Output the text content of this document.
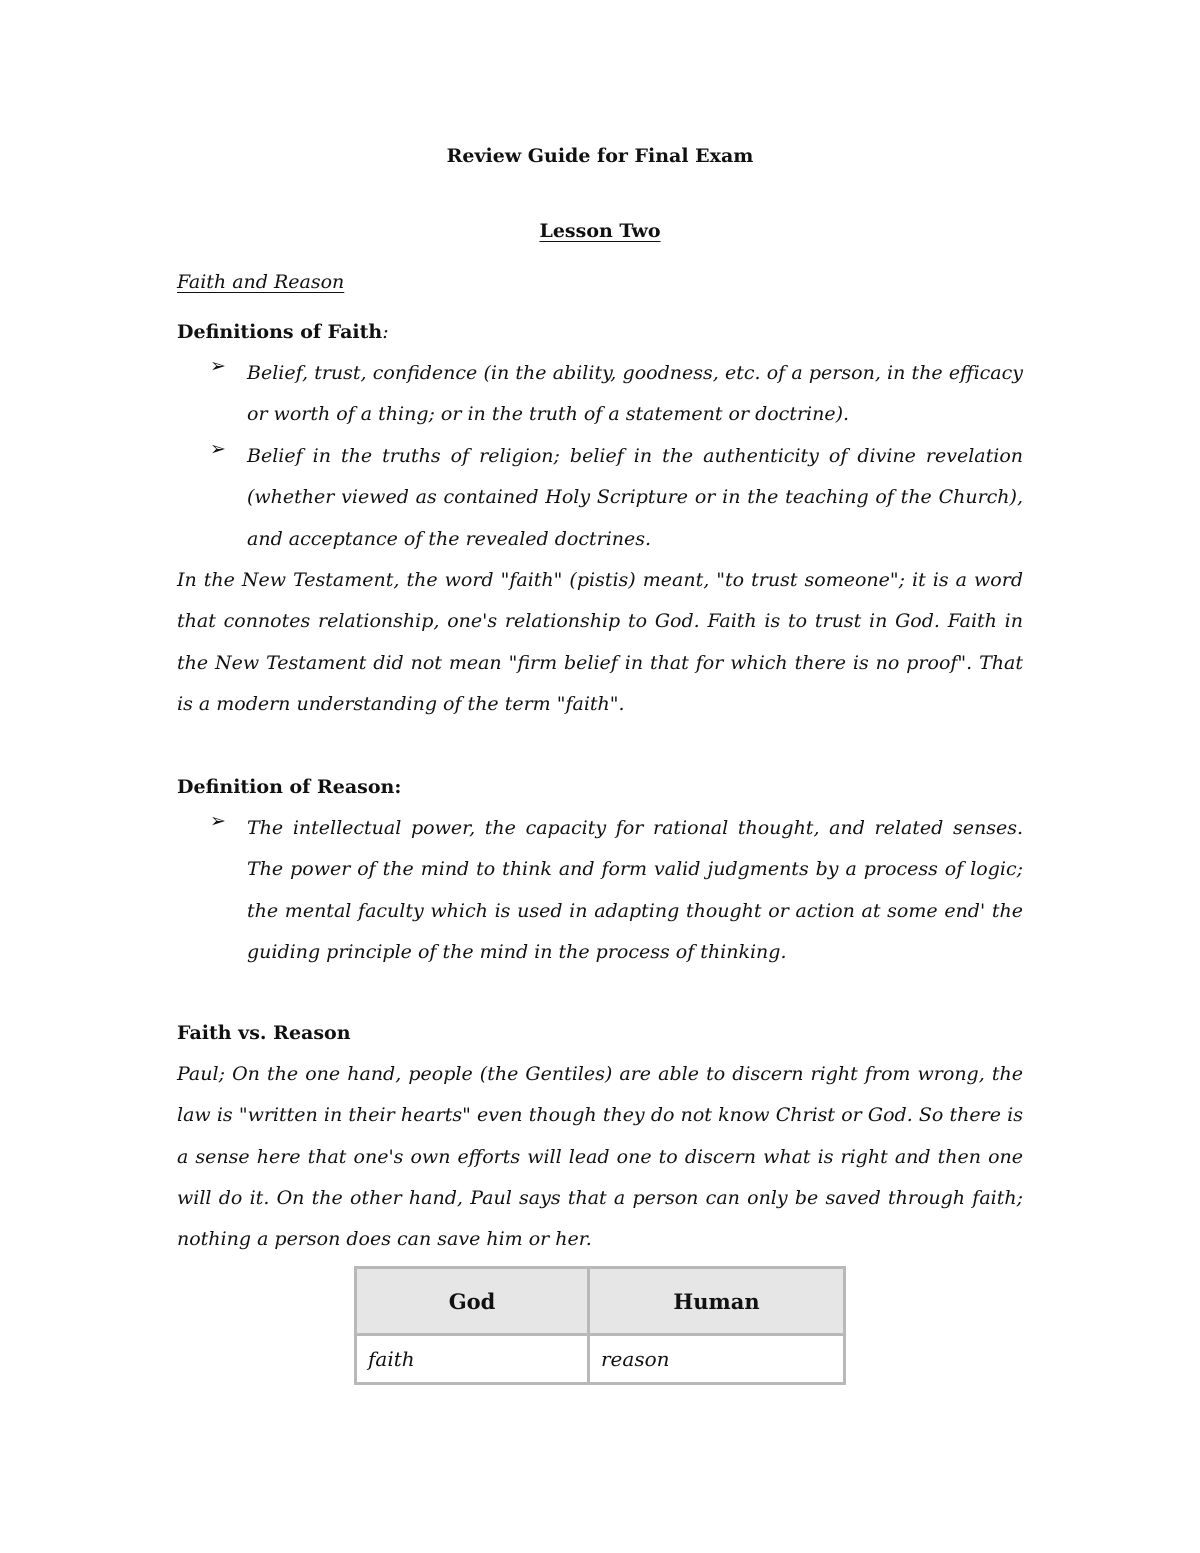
Review Guide for Final Exam
Lesson Two
Faith and Reason
Definitions of Faith:
➢ Belief, trust, confidence (in the ability, goodness, etc. of a person, in the efficacy or worth of a thing; or in the truth of a statement or doctrine).
➢ Belief in the truths of religion; belief in the authenticity of divine revelation (whether viewed as contained Holy Scripture or in the teaching of the Church), and acceptance of the revealed doctrines.
In the New Testament, the word "faith" (pistis) meant, "to trust someone"; it is a word that connotes relationship, one's relationship to God. Faith is to trust in God. Faith in the New Testament did not mean "firm belief in that for which there is no proof". That is a modern understanding of the term "faith".
Definition of Reason:
➢ The intellectual power, the capacity for rational thought, and related senses. The power of the mind to think and form valid judgments by a process of logic; the mental faculty which is used in adapting thought or action at some end' the guiding principle of the mind in the process of thinking.
Faith vs. Reason
Paul; On the one hand, people (the Gentiles) are able to discern right from wrong, the law is "written in their hearts" even though they do not know Christ or God. So there is a sense here that one's own efforts will lead one to discern what is right and then one will do it. On the other hand, Paul says that a person can only be saved through faith; nothing a person does can save him or her.
God	Human
faith	reason
